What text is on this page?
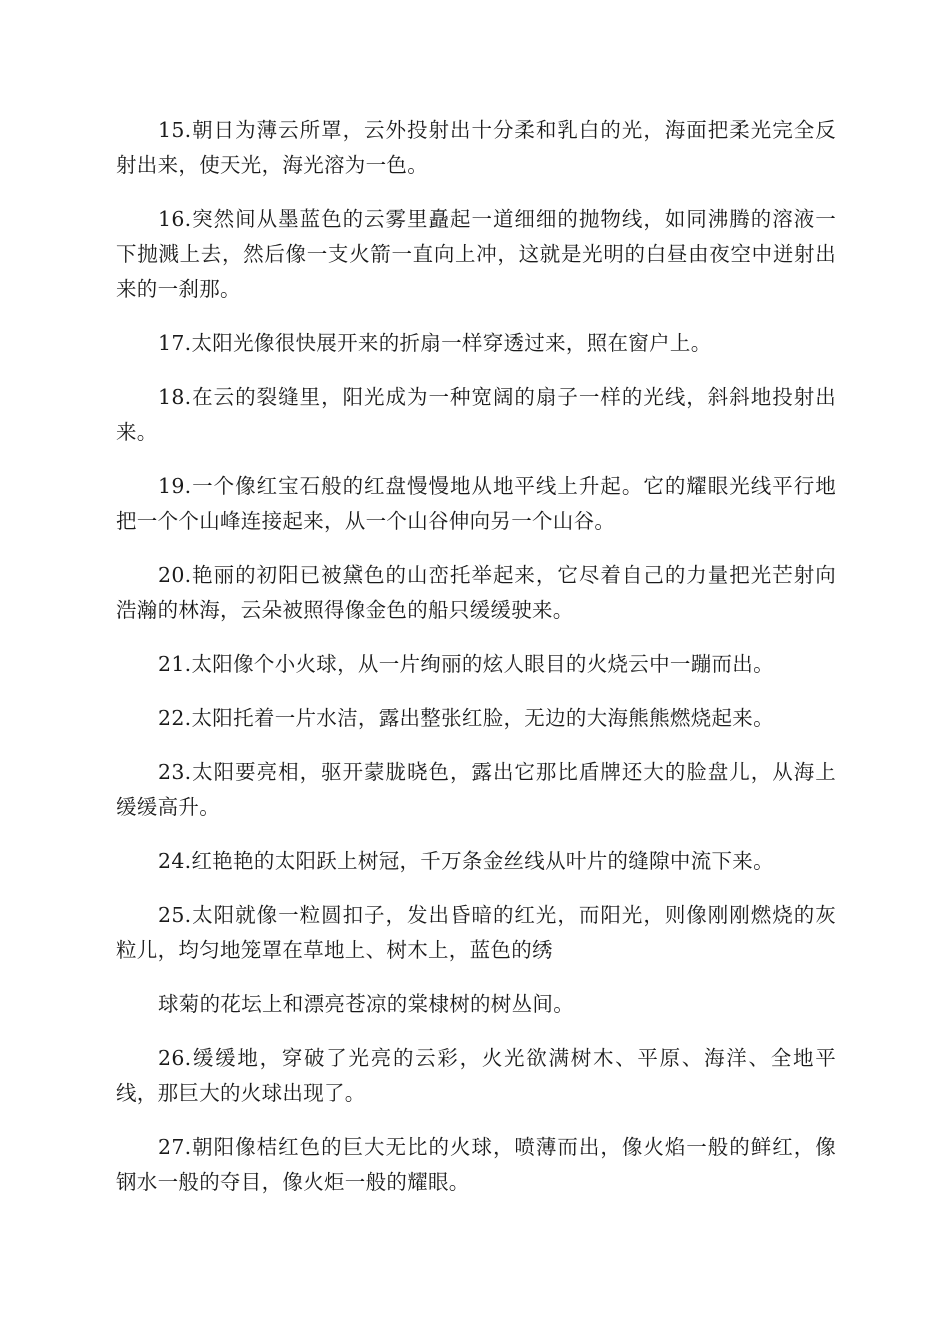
15.朝日为薄云所罩，云外投射出十分柔和乳白的光，海面把柔光完全反射出来，使天光，海光溶为一色。

16.突然间从墨蓝色的云雾里矗起一道细细的抛物线，如同沸腾的溶液一下抛溅上去，然后像一支火箭一直向上冲，这就是光明的白昼由夜空中迸射出来的一刹那。

17.太阳光像很快展开来的折扇一样穿透过来，照在窗户上。

18.在云的裂缝里，阳光成为一种宽阔的扇子一样的光线，斜斜地投射出来。

19.一个像红宝石般的红盘慢慢地从地平线上升起。它的耀眼光线平行地把一个个山峰连接起来，从一个山谷伸向另一个山谷。

20.艳丽的初阳已被黛色的山峦托举起来，它尽着自己的力量把光芒射向浩瀚的林海，云朵被照得像金色的船只缓缓驶来。

21.太阳像个小火球，从一片绚丽的炫人眼目的火烧云中一蹦而出。

22.太阳托着一片水洁，露出整张红脸，无边的大海熊熊燃烧起来。

23.太阳要亮相，驱开蒙胧晓色，露出它那比盾牌还大的脸盘儿，从海上缓缓高升。

24.红艳艳的太阳跃上树冠，千万条金丝线从叶片的缝隙中流下来。

25.太阳就像一粒圆扣子，发出昏暗的红光，而阳光，则像刚刚燃烧的灰粒儿，均匀地笼罩在草地上、树木上，蓝色的绣

球菊的花坛上和漂亮苍凉的棠棣树的树丛间。

26.缓缓地，穿破了光亮的云彩，火光欲满树木、平原、海洋、全地平线，那巨大的火球出现了。

27.朝阳像桔红色的巨大无比的火球，喷薄而出，像火焰一般的鲜红，像钢水一般的夺目，像火炬一般的耀眼。
